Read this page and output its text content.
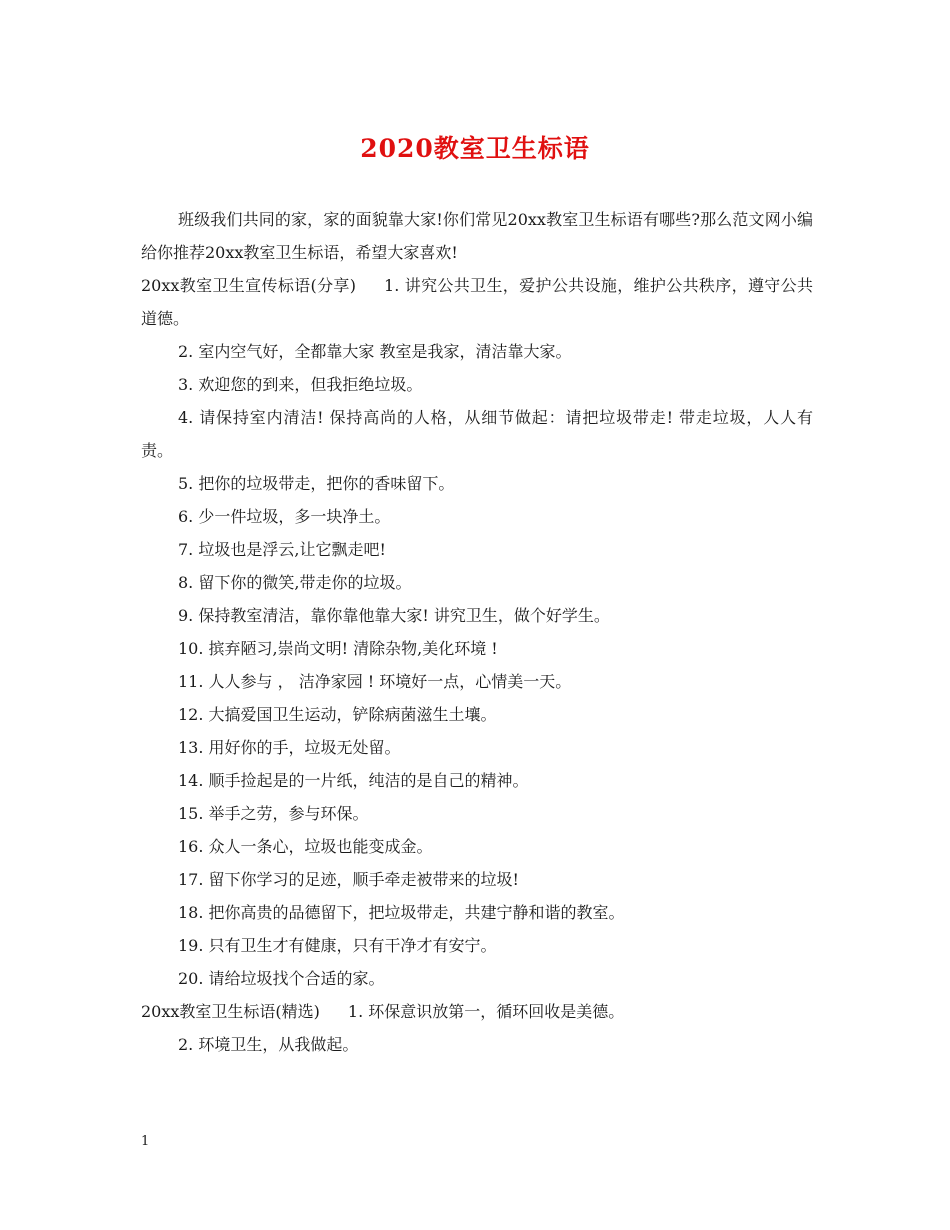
2020教室卫生标语

班级我们共同的家，家的面貌靠大家!你们常见20xx教室卫生标语有哪些?那么范文网小编给你推荐20xx教室卫生标语，希望大家喜欢!

20xx教室卫生宣传标语(分享) 1. 讲究公共卫生，爱护公共设施，维护公共秩序，遵守公共道德。

2. 室内空气好，全都靠大家 教室是我家，清洁靠大家。

3. 欢迎您的到来，但我拒绝垃圾。

4. 请保持室内清洁! 保持高尚的人格，从细节做起：请把垃圾带走! 带走垃圾，人人有责。

5. 把你的垃圾带走，把你的香味留下。

6. 少一件垃圾，多一块净土。

7. 垃圾也是浮云,让它飘走吧!

8. 留下你的微笑,带走你的垃圾。

9. 保持教室清洁，靠你靠他靠大家! 讲究卫生，做个好学生。

10. 摈弃陋习,崇尚文明! 清除杂物,美化环境 !

11. 人人参与 ， 洁净家园 ! 环境好一点，心情美一天。

12. 大搞爱国卫生运动，铲除病菌滋生土壤。

13. 用好你的手，垃圾无处留。

14. 顺手捡起是的一片纸，纯洁的是自己的精神。

15. 举手之劳，参与环保。

16. 众人一条心，垃圾也能变成金。

17. 留下你学习的足迹，顺手牵走被带来的垃圾!

18. 把你高贵的品德留下，把垃圾带走，共建宁静和谐的教室。

19. 只有卫生才有健康，只有干净才有安宁。

20. 请给垃圾找个合适的家。

20xx教室卫生标语(精选) 1. 环保意识放第一，循环回收是美德。

2. 环境卫生，从我做起。

1
